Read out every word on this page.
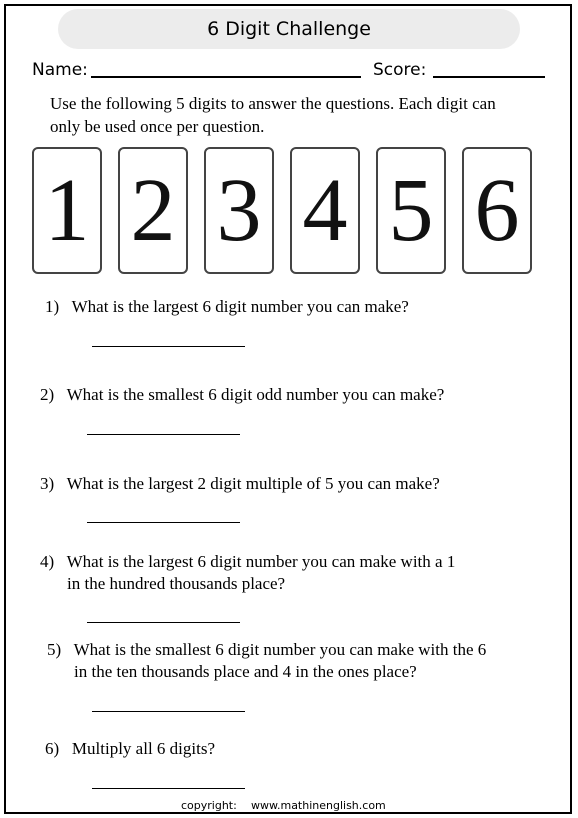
6 Digit Challenge
Name:	Score:
Use the following 5 digits to answer the questions. Each digit can
only be used once per question.
1 2 3 4 5 6
1) What is the largest 6 digit number you can make?
2) What is the smallest 6 digit odd number you can make?
3) What is the largest 2 digit multiple of 5 you can make?
4) What is the largest 6 digit number you can make with a 1
in the hundred thousands place?
5) What is the smallest 6 digit number you can make with the 6
in the ten thousands place and 4 in the ones place?
6) Multiply all 6 digits?
copyright: www.mathinenglish.com
